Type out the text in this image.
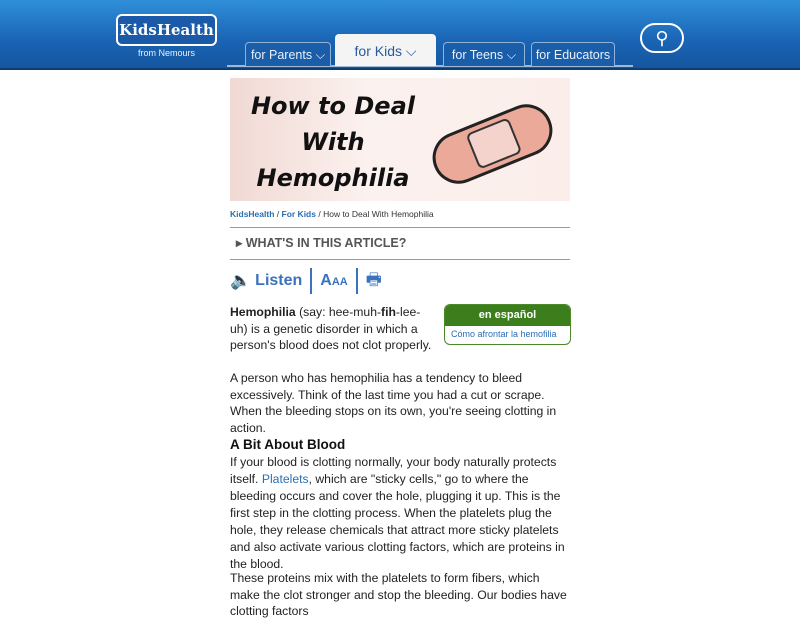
KidsHealth
from Nemours	for Parents ⌵	for Kids ⌵	for Teens ⌵	for Educators
⚲
How to Deal With Hemophilia
KidsHealth / For Kids / How to Deal With Hemophilia
▸ WHAT'S IN THIS ARTICLE?
🔈 Listen AAA 🖶
en español
Cómo afrontar la hemofilia

Hemophilia (say: hee-muh-fih-lee-uh) is a genetic disorder in which a person's blood does not clot properly.

A person who has hemophilia has a tendency to bleed excessively. Think of the last time you had a cut or scrape. When the bleeding stops on its own, you're seeing clotting in action.

A Bit About Blood

If your blood is clotting normally, your body naturally protects itself. Platelets, which are "sticky cells," go to where the bleeding occurs and cover the hole, plugging it up. This is the first step in the clotting process. When the platelets plug the hole, they release chemicals that attract more sticky platelets and also activate various clotting factors, which are proteins in the blood.

These proteins mix with the platelets to form fibers, which make the clot stronger and stop the bleeding. Our bodies have clotting factors
